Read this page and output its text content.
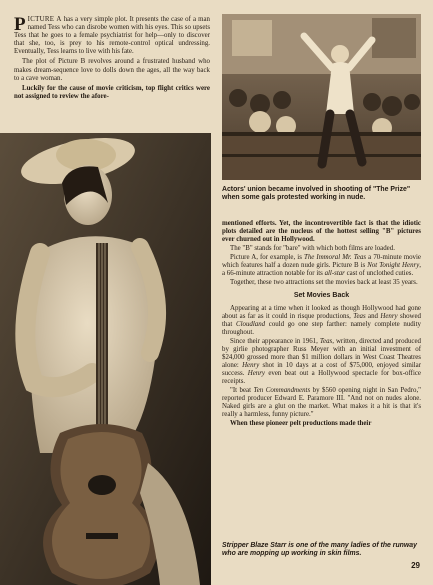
PICTURE A has a very simple plot. It presents the case of a man named Tess who can disrobe women with his eyes. This so upsets Tess that he goes to a female psychiatrist for help—only to discover that she, too, is prey to his remote-control optical undressing. Eventually, Tess learns to live with his fate.

The plot of Picture B revolves around a frustrated husband who makes dream-sequence love to dolls down the ages, all the way back to a cave woman.

Luckily for the cause of movie criticism, top flight critics were not assigned to review the afore-

Actors' union became involved in shooting of "The Prize" when some gals protested working in nude.

mentioned efforts. Yet, the incontrovertible fact is that the idiotic plots detailed are the nucleus of the hottest selling "B" pictures ever churned out in Hollywood.

The "B" stands for "bare" with which both films are loaded.

Picture A, for example, is The Immoral Mr. Teas a 70-minute movie which features half a dozen nude girls. Picture B is Not Tonight Henry, a 66-minute attraction notable for its all-star cast of unclothed cuties.

Together, these two attractions set the movies back at least 35 years.

Set Movies Back

Appearing at a time when it looked as though Hollywood had gone about as far as it could in risque productions, Teas and Henry showed that Cloudland could go one step farther: namely complete nudity throughout.

Since their appearance in 1961, Teas, written, directed and produced by girlie photographer Russ Meyer with an initial investment of $24,000 grossed more than $1 million dollars in West Coast Theatres alone: Henry shot in 10 days at a cost of $75,000, enjoyed similar success. Henry even beat out a Hollywood spectacle for box-office receipts.

"It beat Ten Commandments by $560 opening night in San Pedro," reported producer Edward E. Paramore III. "And not on nudes alone. Naked girls are a glut on the market. What makes it a hit is that it's really a harmless, funny picture."

When these pioneer pelt productions made their

Stripper Blaze Starr is one of the many ladies of the runway who are mopping up working in skin films.
29
